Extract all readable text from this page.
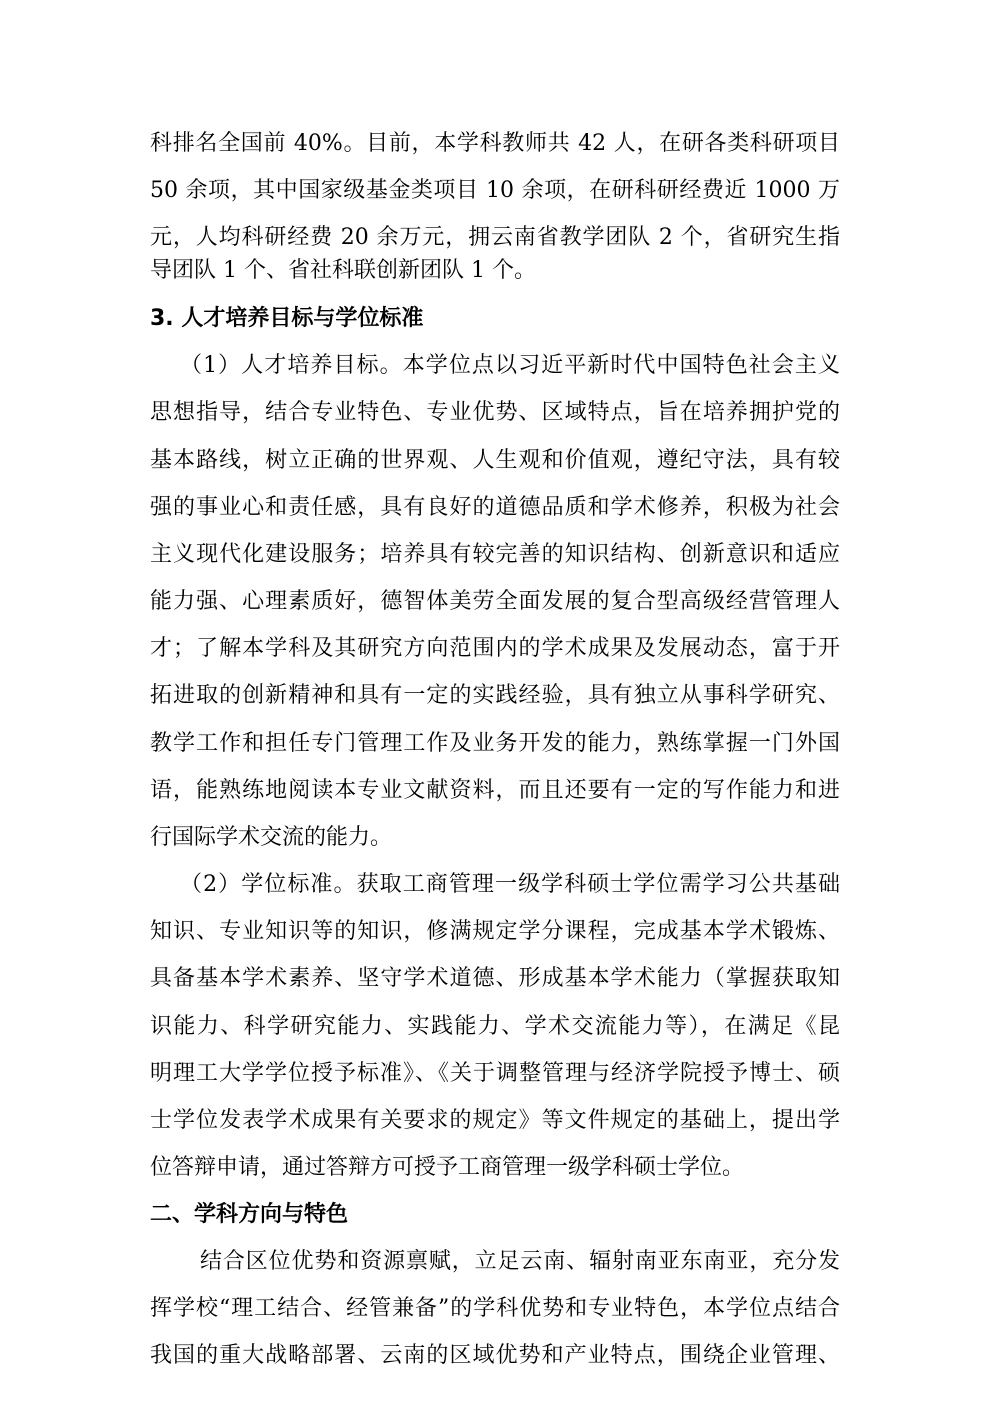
科排名全国前 40%。目前，本学科教师共 42 人，在研各类科研项目
50 余项，其中国家级基金类项目 10 余项，在研科研经费近 1000 万
元，人均科研经费 20 余万元，拥云南省教学团队 2 个，省研究生指
导团队 1 个、省社科联创新团队 1 个。
3. 人才培养目标与学位标准
（1）人才培养目标。本学位点以习近平新时代中国特色社会主义
思想指导，结合专业特色、专业优势、区域特点，旨在培养拥护党的
基本路线，树立正确的世界观、人生观和价值观，遵纪守法，具有较
强的事业心和责任感，具有良好的道德品质和学术修养，积极为社会
主义现代化建设服务；培养具有较完善的知识结构、创新意识和适应
能力强、心理素质好，德智体美劳全面发展的复合型高级经营管理人
才；了解本学科及其研究方向范围内的学术成果及发展动态，富于开
拓进取的创新精神和具有一定的实践经验，具有独立从事科学研究、
教学工作和担任专门管理工作及业务开发的能力，熟练掌握一门外国
语，能熟练地阅读本专业文献资料，而且还要有一定的写作能力和进
行国际学术交流的能力。
（2）学位标准。获取工商管理一级学科硕士学位需学习公共基础
知识、专业知识等的知识，修满规定学分课程，完成基本学术锻炼、
具备基本学术素养、坚守学术道德、形成基本学术能力（掌握获取知
识能力、科学研究能力、实践能力、学术交流能力等），在满足《昆
明理工大学学位授予标准》、《关于调整管理与经济学院授予博士、硕
士学位发表学术成果有关要求的规定》等文件规定的基础上，提出学
位答辩申请，通过答辩方可授予工商管理一级学科硕士学位。
二、学科方向与特色
结合区位优势和资源禀赋，立足云南、辐射南亚东南亚，充分发
挥学校“理工结合、经管兼备”的学科优势和专业特色，本学位点结合
我国的重大战略部署、云南的区域优势和产业特点，围绕企业管理、
